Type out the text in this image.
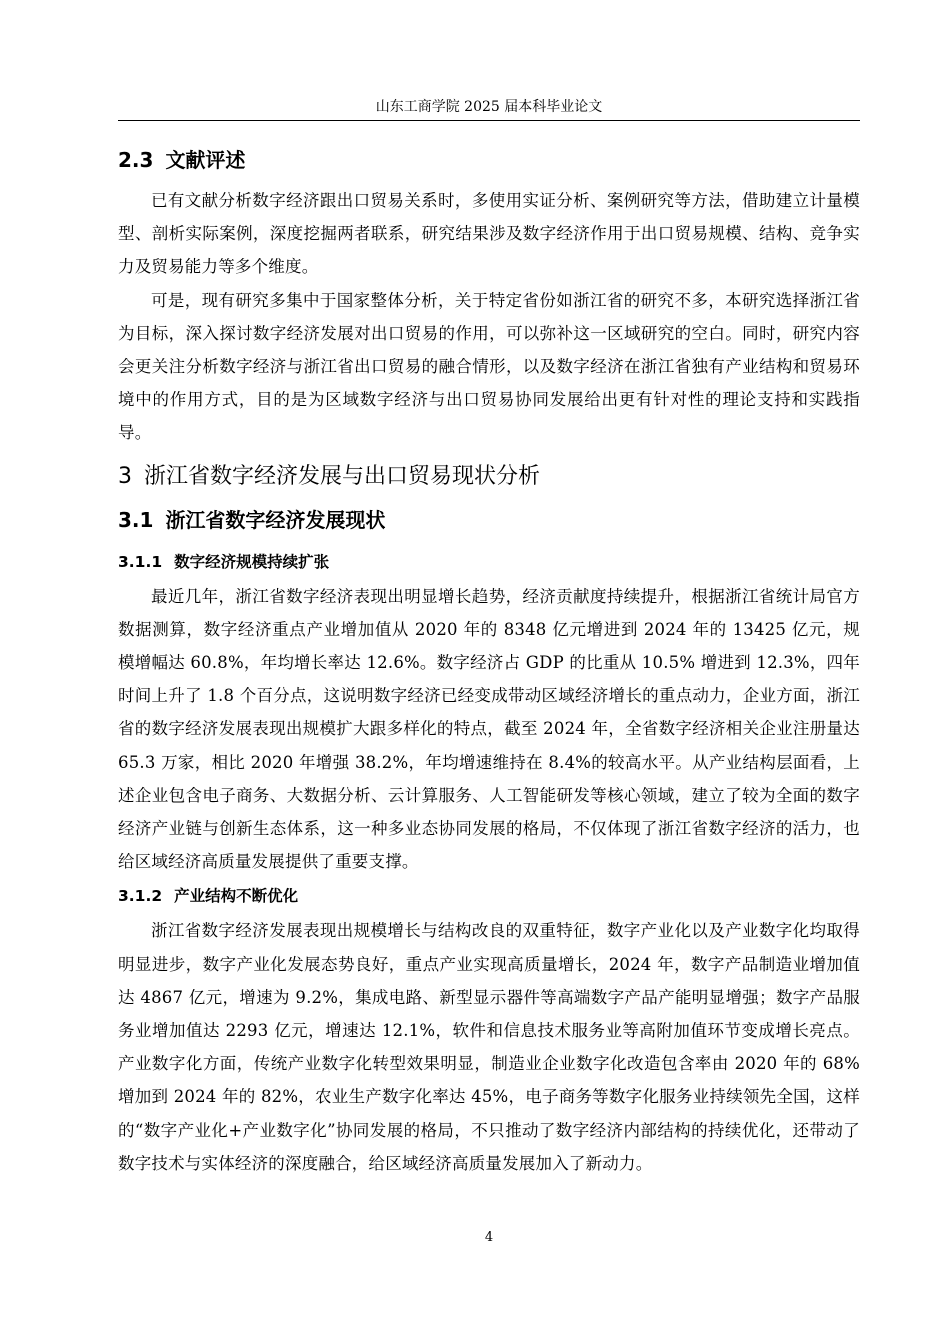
山东工商学院 2025 届本科毕业论文
2.3 文献评述

已有文献分析数字经济跟出口贸易关系时，多使用实证分析、案例研究等方法，借助建立计量模型、剖析实际案例，深度挖掘两者联系，研究结果涉及数字经济作用于出口贸易规模、结构、竞争实力及贸易能力等多个维度。

可是，现有研究多集中于国家整体分析，关于特定省份如浙江省的研究不多，本研究选择浙江省为目标，深入探讨数字经济发展对出口贸易的作用，可以弥补这一区域研究的空白。同时，研究内容会更关注分析数字经济与浙江省出口贸易的融合情形，以及数字经济在浙江省独有产业结构和贸易环境中的作用方式，目的是为区域数字经济与出口贸易协同发展给出更有针对性的理论支持和实践指导。

3 浙江省数字经济发展与出口贸易现状分析
3.1 浙江省数字经济发展现状
3.1.1 数字经济规模持续扩张

最近几年，浙江省数字经济表现出明显增长趋势，经济贡献度持续提升，根据浙江省统计局官方数据测算，数字经济重点产业增加值从 2020 年的 8348 亿元增进到 2024 年的 13425 亿元，规模增幅达 60.8%，年均增长率达 12.6%。数字经济占 GDP 的比重从 10.5% 增进到 12.3%，四年时间上升了 1.8 个百分点，这说明数字经济已经变成带动区域经济增长的重点动力，企业方面，浙江省的数字经济发展表现出规模扩大跟多样化的特点，截至 2024 年，全省数字经济相关企业注册量达 65.3 万家，相比 2020 年增强 38.2%，年均增速维持在 8.4%的较高水平。从产业结构层面看，上述企业包含电子商务、大数据分析、云计算服务、人工智能研发等核心领域，建立了较为全面的数字经济产业链与创新生态体系，这一种多业态协同发展的格局，不仅体现了浙江省数字经济的活力，也给区域经济高质量发展提供了重要支撑。

3.1.2 产业结构不断优化

浙江省数字经济发展表现出规模增长与结构改良的双重特征，数字产业化以及产业数字化均取得明显进步，数字产业化发展态势良好，重点产业实现高质量增长，2024 年，数字产品制造业增加值达 4867 亿元，增速为 9.2%，集成电路、新型显示器件等高端数字产品产能明显增强；数字产品服务业增加值达 2293 亿元，增速达 12.1%，软件和信息技术服务业等高附加值环节变成增长亮点。产业数字化方面，传统产业数字化转型效果明显，制造业企业数字化改造包含率由 2020 年的 68%增加到 2024 年的 82%，农业生产数字化率达 45%，电子商务等数字化服务业持续领先全国，这样的“数字产业化+产业数字化”协同发展的格局，不只推动了数字经济内部结构的持续优化，还带动了数字技术与实体经济的深度融合，给区域经济高质量发展加入了新动力。

4
